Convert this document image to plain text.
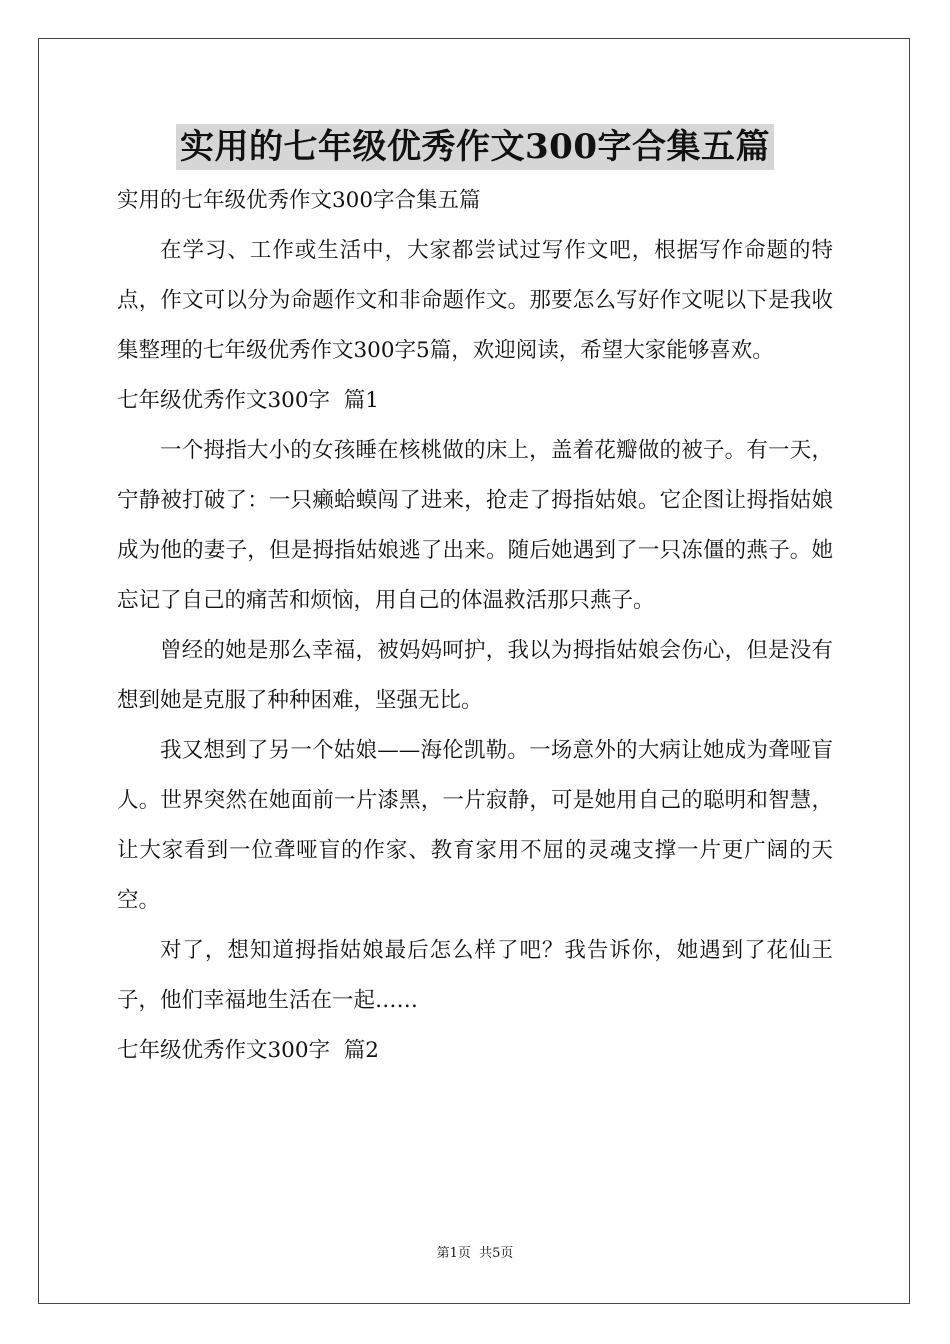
实用的七年级优秀作文300字合集五篇

实用的七年级优秀作文300字合集五篇

在学习、工作或生活中，大家都尝试过写作文吧，根据写作命题的特点，作文可以分为命题作文和非命题作文。那要怎么写好作文呢以下是我收集整理的七年级优秀作文300字5篇，欢迎阅读，希望大家能够喜欢。

七年级优秀作文300字  篇1

一个拇指大小的女孩睡在核桃做的床上，盖着花瓣做的被子。有一天，宁静被打破了：一只癞蛤蟆闯了进来，抢走了拇指姑娘。它企图让拇指姑娘成为他的妻子，但是拇指姑娘逃了出来。随后她遇到了一只冻僵的燕子。她忘记了自己的痛苦和烦恼，用自己的体温救活那只燕子。

曾经的她是那么幸福，被妈妈呵护，我以为拇指姑娘会伤心，但是没有想到她是克服了种种困难，坚强无比。

我又想到了另一个姑娘——海伦凯勒。一场意外的大病让她成为聋哑盲人。世界突然在她面前一片漆黑，一片寂静，可是她用自己的聪明和智慧，让大家看到一位聋哑盲的作家、教育家用不屈的灵魂支撑一片更广阔的天空。

对了，想知道拇指姑娘最后怎么样了吧？我告诉你，她遇到了花仙王子，他们幸福地生活在一起……

七年级优秀作文300字  篇2

第1页  共5页
